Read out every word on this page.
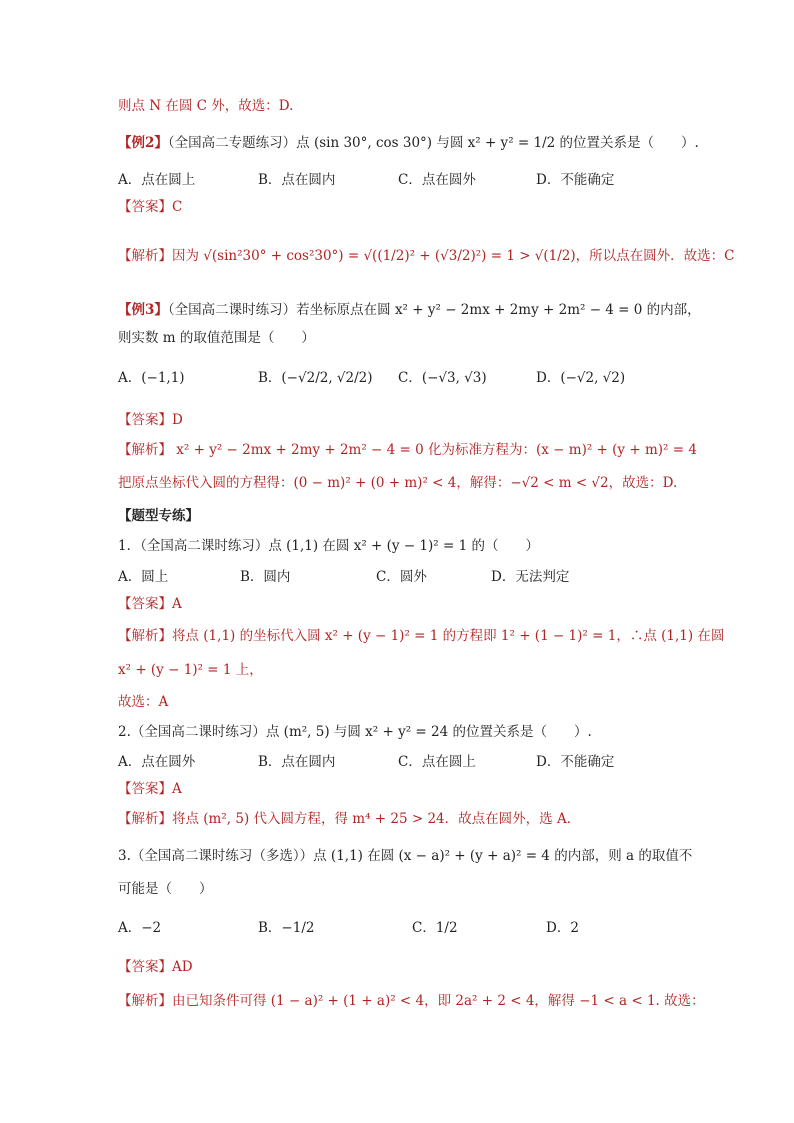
则点 N 在圆 C 外，故选：D.
【例2】（全国高二专题练习）点 (sin 30°, cos 30°) 与圆 x² + y² = 1/2 的位置关系是（　　）.
A．点在圆上	B．点在圆内	C．点在圆外	D．不能确定
【答案】C
【解析】因为 √(sin²30° + cos²30°) = √((1/2)² + (√3/2)²) = 1 > √(1/2)，所以点在圆外．故选：C
【例3】（全国高二课时练习）若坐标原点在圆 x² + y² − 2mx + 2my + 2m² − 4 = 0 的内部，
则实数 m 的取值范围是（　　）
A．(−1,1)	B．(−√2/2, √2/2) C．(−√3, √3)	D．(−√2, √2)
【答案】D
【解析】 x² + y² − 2mx + 2my + 2m² − 4 = 0 化为标准方程为：(x − m)² + (y + m)² = 4
把原点坐标代入圆的方程得：(0 − m)² + (0 + m)² < 4，解得：−√2 < m < √2，故选：D.
【题型专练】
1．（全国高二课时练习）点 (1,1) 在圆 x² + (y − 1)² = 1 的（　　）
A．圆上	B．圆内	C．圆外	D．无法判定
【答案】A
【解析】将点 (1,1) 的坐标代入圆 x² + (y − 1)² = 1 的方程即 1² + (1 − 1)² = 1，∴点 (1,1) 在圆
x² + (y − 1)² = 1 上，
故选：A
2.（全国高二课时练习）点 (m², 5) 与圆 x² + y² = 24 的位置关系是（　　）.
A．点在圆外	B．点在圆内	C．点在圆上	D．不能确定
【答案】A
【解析】将点 (m², 5) 代入圆方程，得 m⁴ + 25 > 24．故点在圆外，选 A．
3.（全国高二课时练习（多选））点 (1,1) 在圆 (x − a)² + (y + a)² = 4 的内部，则 a 的取值不
可能是（　　）
A．−2	B．−1/2	C．1/2	D．2
【答案】AD
【解析】由已知条件可得 (1 − a)² + (1 + a)² < 4，即 2a² + 2 < 4，解得 −1 < a < 1. 故选：
